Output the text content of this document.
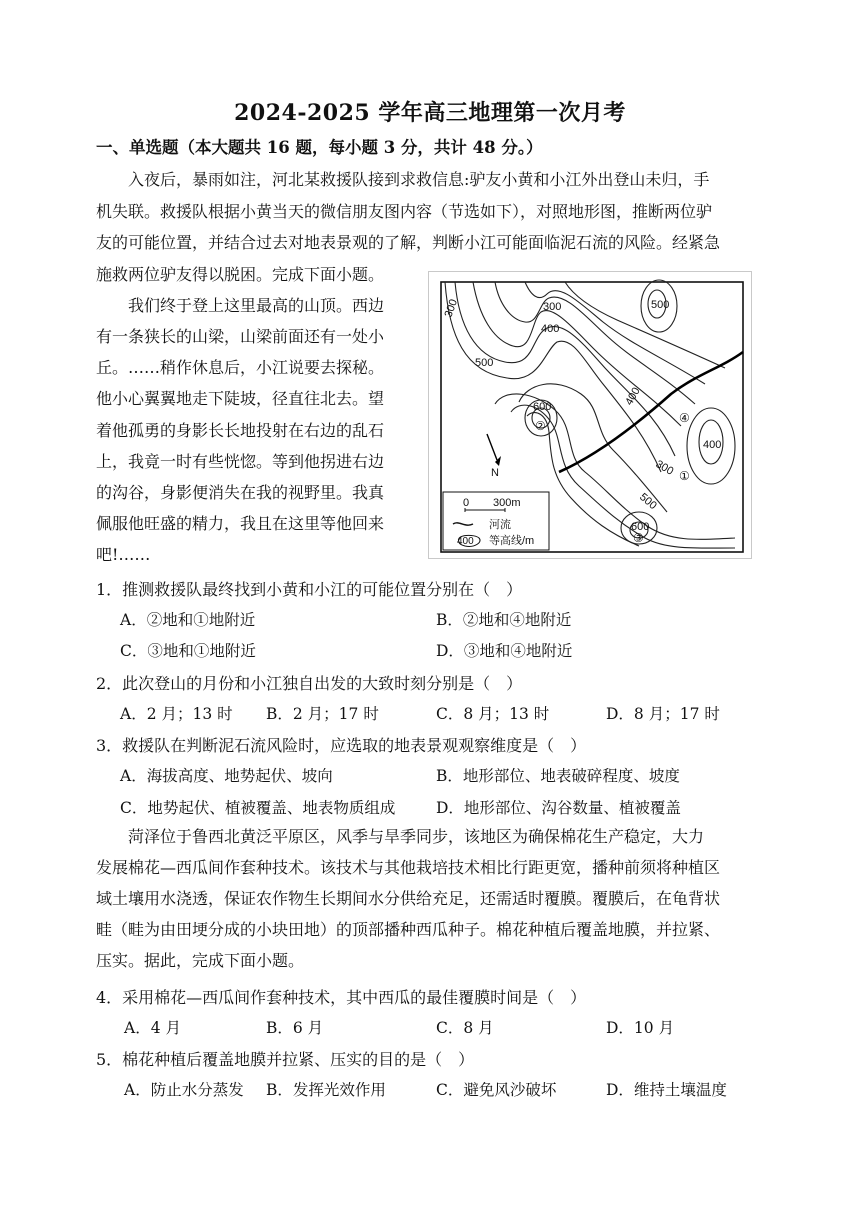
2024-2025 学年高三地理第一次月考
一、单选题（本大题共 16 题，每小题 3 分，共计 48 分。）
入夜后，暴雨如注，河北某救援队接到求救信息:驴友小黄和小江外出登山未归，手
机失联。救援队根据小黄当天的微信朋友图内容（节选如下），对照地形图，推断两位驴
友的可能位置，并结合过去对地表景观的了解，判断小江可能面临泥石流的风险。经紧急
施救两位驴友得以脱困。完成下面小题。
我们终于登上这里最高的山顶。西边
有一条狭长的山梁，山梁前面还有一处小
丘。……稍作休息后，小江说要去探秘。
他小心翼翼地走下陡坡，径直往北去。望
着他孤勇的身影长长地投射在右边的乱石
上，我竟一时有些恍惚。等到他拐进右边
的沟谷，身影便消失在我的视野里。我真
佩服他旺盛的精力，我且在这里等他回来
吧!……
300	300
400
500
500
400
600
400
300
500
600
②
④
①
③
N
0 300m
河流
400 等高线/m
1．推测救援队最终找到小黄和小江的可能位置分别在（　）
A．②地和①地附近	B．②地和④地附近
C．③地和①地附近	D．③地和④地附近
2．此次登山的月份和小江独自出发的大致时刻分别是（　）
A．2 月；13 时 B．2 月；17 时	C．8 月；13 时	D．8 月；17 时
3．救援队在判断泥石流风险时，应选取的地表景观观察维度是（　）
A．海拔高度、地势起伏、坡向	B．地形部位、地表破碎程度、坡度
C．地势起伏、植被覆盖、地表物质组成	D．地形部位、沟谷数量、植被覆盖
菏泽位于鲁西北黄泛平原区，风季与旱季同步，该地区为确保棉花生产稳定，大力
发展棉花—西瓜间作套种技术。该技术与其他栽培技术相比行距更宽，播种前须将种植区
域土壤用水浇透，保证农作物生长期间水分供给充足，还需适时覆膜。覆膜后，在龟背状
畦（畦为由田埂分成的小块田地）的顶部播种西瓜种子。棉花种植后覆盖地膜，并拉紧、
压实。据此，完成下面小题。
4．采用棉花—西瓜间作套种技术，其中西瓜的最佳覆膜时间是（　）
A．4 月	B．6 月	C．8 月	D．10 月
5．棉花种植后覆盖地膜并拉紧、压实的目的是（　）
A．防止水分蒸发 B．发挥光效作用	C．避免风沙破坏	D．维持土壤温度
